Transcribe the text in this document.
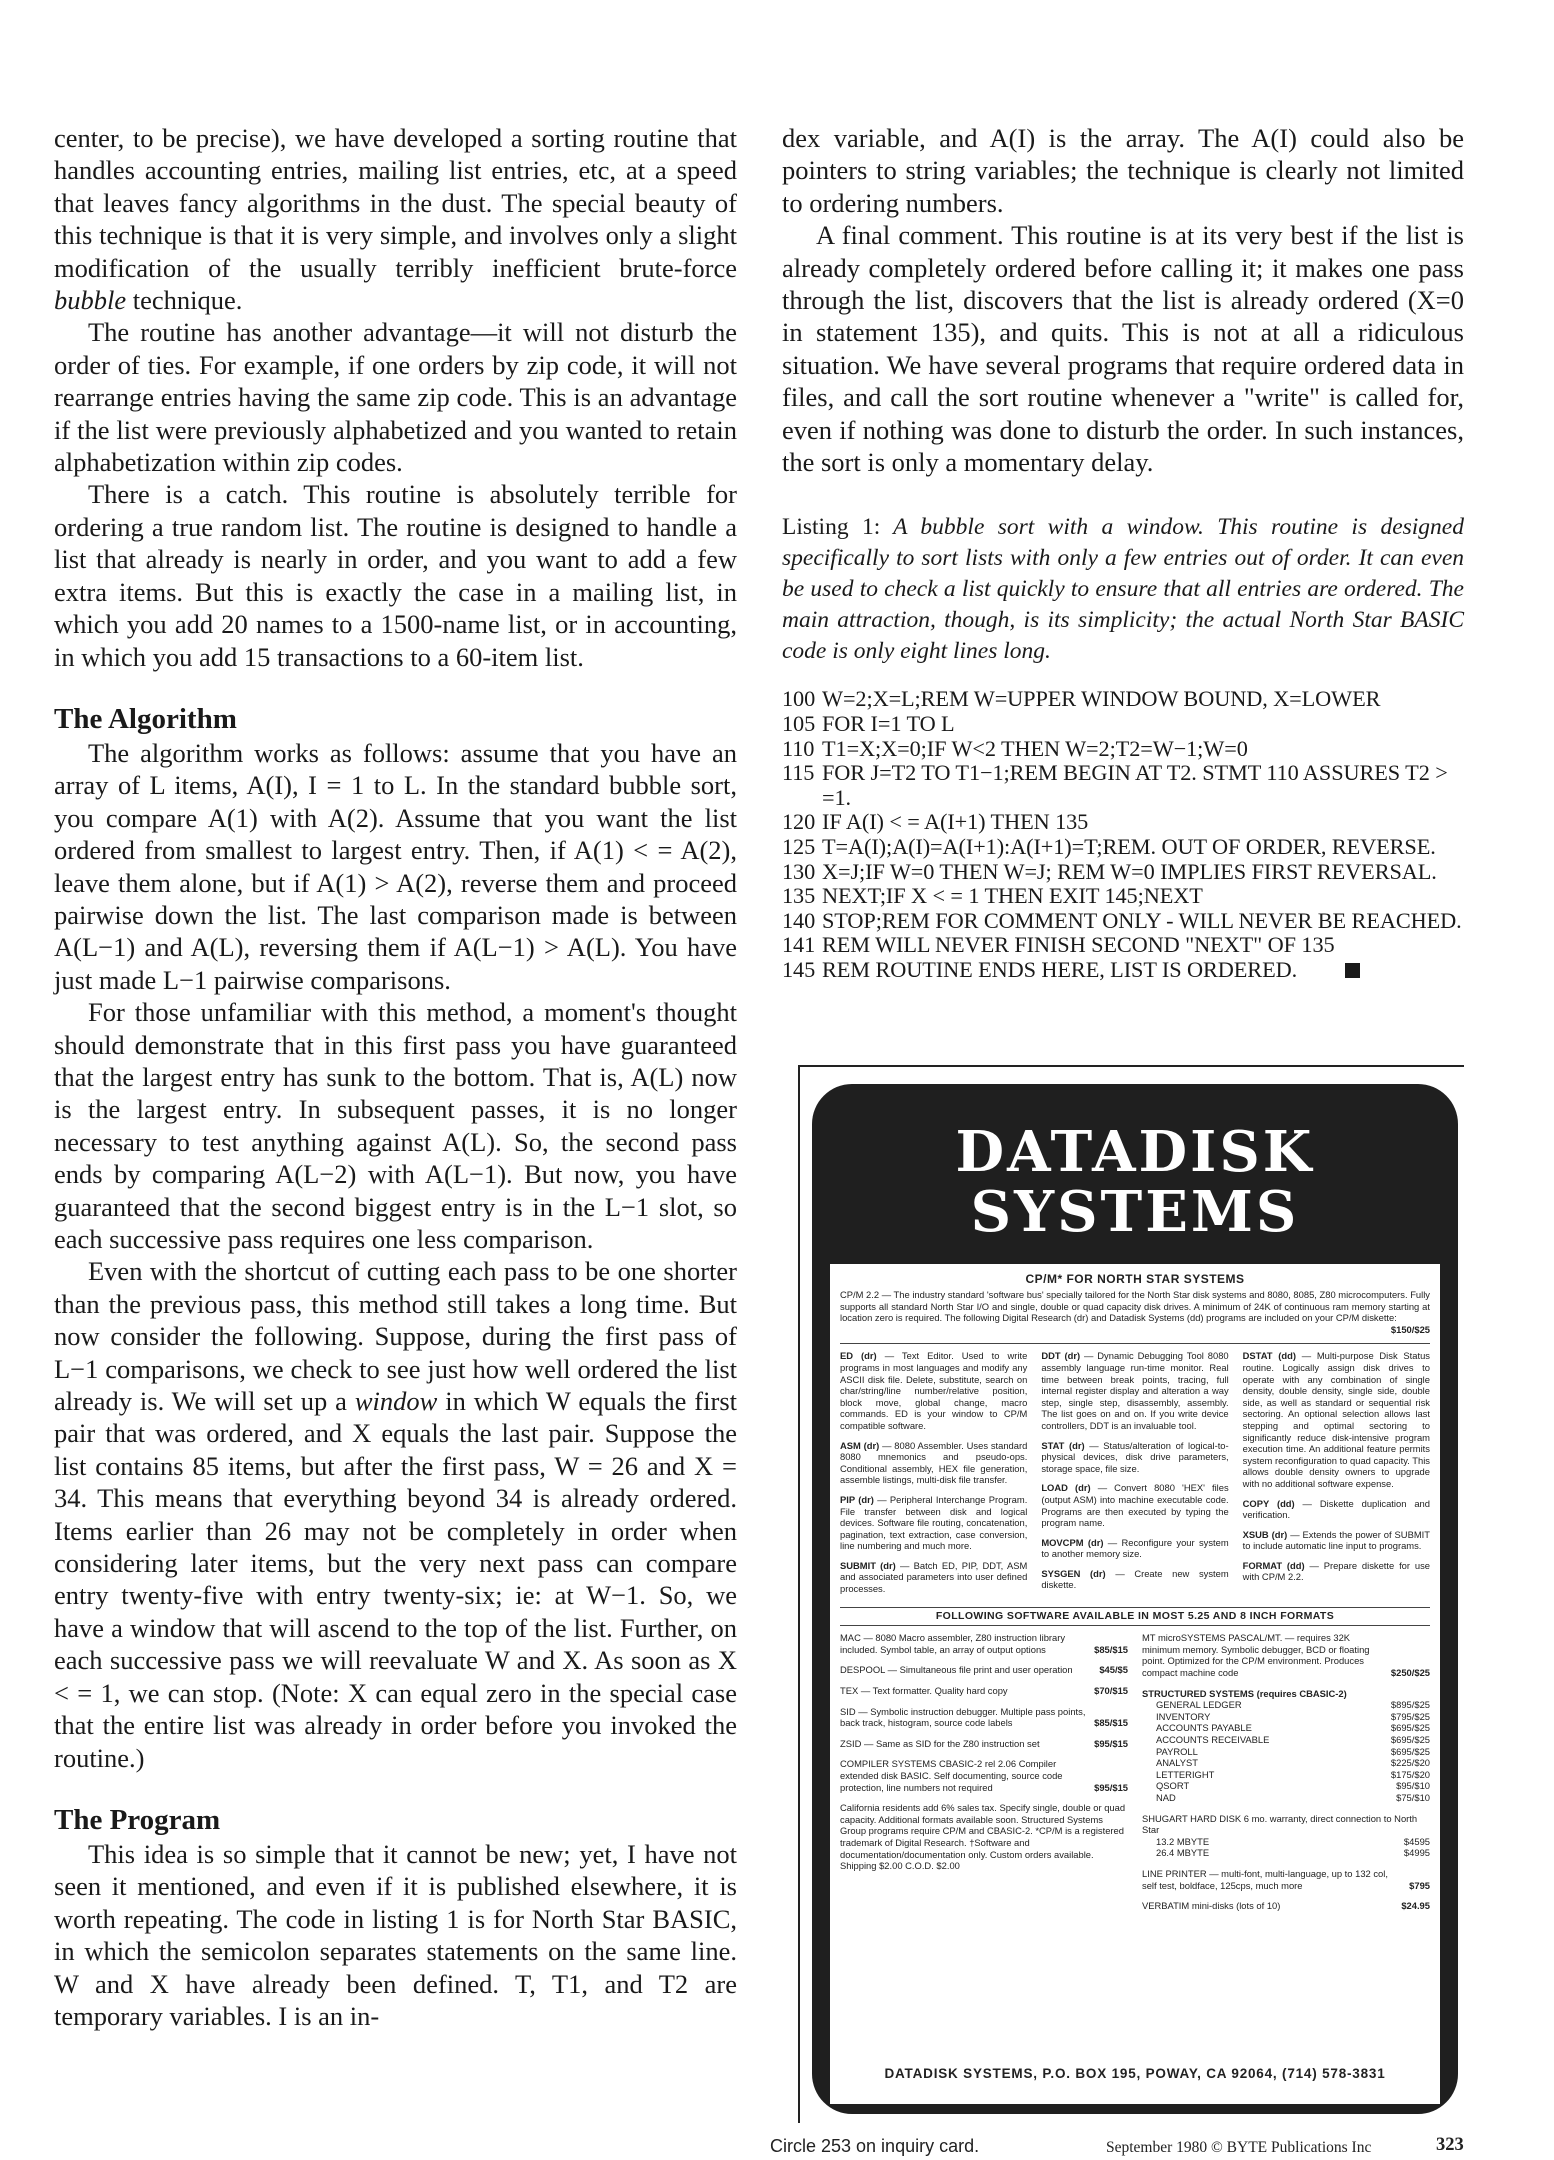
center, to be precise), we have developed a sorting routine that handles accounting entries, mailing list entries, etc, at a speed that leaves fancy algorithms in the dust. The special beauty of this technique is that it is very simple, and involves only a slight modification of the usually terribly inefficient brute-force bubble technique.

The routine has another advantage—it will not disturb the order of ties. For example, if one orders by zip code, it will not rearrange entries having the same zip code. This is an advantage if the list were previously alphabetized and you wanted to retain alphabetization within zip codes.

There is a catch. This routine is absolutely terrible for ordering a true random list. The routine is designed to handle a list that already is nearly in order, and you want to add a few extra items. But this is exactly the case in a mailing list, in which you add 20 names to a 1500-name list, or in accounting, in which you add 15 transactions to a 60-item list.

The Algorithm

The algorithm works as follows: assume that you have an array of L items, A(I), I = 1 to L. In the standard bubble sort, you compare A(1) with A(2). Assume that you want the list ordered from smallest to largest entry. Then, if A(1) < = A(2), leave them alone, but if A(1) > A(2), reverse them and proceed pairwise down the list. The last comparison made is between A(L−1) and A(L), reversing them if A(L−1) > A(L). You have just made L−1 pairwise comparisons.

For those unfamiliar with this method, a moment's thought should demonstrate that in this first pass you have guaranteed that the largest entry has sunk to the bottom. That is, A(L) now is the largest entry. In subsequent passes, it is no longer necessary to test anything against A(L). So, the second pass ends by comparing A(L−2) with A(L−1). But now, you have guaranteed that the second biggest entry is in the L−1 slot, so each successive pass requires one less comparison.

Even with the shortcut of cutting each pass to be one shorter than the previous pass, this method still takes a long time. But now consider the following. Suppose, during the first pass of L−1 comparisons, we check to see just how well ordered the list already is. We will set up a window in which W equals the first pair that was ordered, and X equals the last pair. Suppose the list contains 85 items, but after the first pass, W = 26 and X = 34. This means that everything beyond 34 is already ordered. Items earlier than 26 may not be completely in order when considering later items, but the very next pass can compare entry twenty-five with entry twenty-six; ie: at W−1. So, we have a window that will ascend to the top of the list. Further, on each successive pass we will reevaluate W and X. As soon as X < = 1, we can stop. (Note: X can equal zero in the special case that the entire list was already in order before you invoked the routine.)

The Program

This idea is so simple that it cannot be new; yet, I have not seen it mentioned, and even if it is published elsewhere, it is worth repeating. The code in listing 1 is for North Star BASIC, in which the semicolon separates statements on the same line. W and X have already been defined. T, T1, and T2 are temporary variables. I is an in-

dex variable, and A(I) is the array. The A(I) could also be pointers to string variables; the technique is clearly not limited to ordering numbers.

A final comment. This routine is at its very best if the list is already completely ordered before calling it; it makes one pass through the list, discovers that the list is already ordered (X=0 in statement 135), and quits. This is not at all a ridiculous situation. We have several programs that require ordered data in files, and call the sort routine whenever a "write" is called for, even if nothing was done to disturb the order. In such instances, the sort is only a momentary delay.

Listing 1: A bubble sort with a window. This routine is designed specifically to sort lists with only a few entries out of order. It can even be used to check a list quickly to ensure that all entries are ordered. The main attraction, though, is its simplicity; the actual North Star BASIC code is only eight lines long.
100 W=2;X=L;REM W=UPPER WINDOW BOUND, X=LOWER
105 FOR I=1 TO L
110 T1=X;X=0;IF W<2 THEN W=2;T2=W−1;W=0
115 FOR J=T2 TO T1−1;REM BEGIN AT T2. STMT 110 ASSURES T2 > =1.
120 IF A(I) < = A(I+1) THEN 135
125 T=A(I);A(I)=A(I+1):A(I+1)=T;REM. OUT OF ORDER, REVERSE.
130 X=J;IF W=0 THEN W=J; REM W=0 IMPLIES FIRST REVERSAL.
135 NEXT;IF X < = 1 THEN EXIT 145;NEXT
140 STOP;REM FOR COMMENT ONLY - WILL NEVER BE REACHED.
141 REM WILL NEVER FINISH SECOND "NEXT" OF 135
145 REM ROUTINE ENDS HERE, LIST IS ORDERED.
DATADISK
SYSTEMS
CP/M* FOR NORTH STAR SYSTEMS
CP/M 2.2 — The industry standard 'software bus' specially tailored for the North Star disk systems and 8080, 8085, Z80 microcomputers. Fully supports all standard North Star I/O and single, double or quad capacity disk drives. A minimum of 24K of continuous ram memory starting at location zero is required. The following Digital Research (dr) and Datadisk Systems (dd) programs are included on your CP/M diskette:
$150/$25
ED (dr) — Text Editor. Used to write programs in most languages and modify any ASCII disk file. Delete, substitute, search on char/string/line number/relative position, block move, global change, macro commands. ED is your window to CP/M compatible software.
ASM (dr) — 8080 Assembler. Uses standard 8080 mnemonics and pseudo-ops. Conditional assembly, HEX file generation, assemble listings, multi-disk file transfer.
PIP (dr) — Peripheral Interchange Program. File transfer between disk and logical devices. Software file routing, concatenation, pagination, text extraction, case conversion, line numbering and much more.
SUBMIT (dr) — Batch ED, PIP, DDT, ASM and associated parameters into user defined processes.
DDT (dr) — Dynamic Debugging Tool 8080 assembly language run-time monitor. Real time between break points, tracing, full internal register display and alteration a way step, single step, disassembly, assembly. The list goes on and on. If you write device controllers, DDT is an invaluable tool.
STAT (dr) — Status/alteration of logical-to-physical devices, disk drive parameters, storage space, file size.
LOAD (dr) — Convert 8080 'HEX' files (output ASM) into machine executable code. Programs are then executed by typing the program name.
MOVCPM (dr) — Reconfigure your system to another memory size.
SYSGEN (dr) — Create new system diskette.
DSTAT (dd) — Multi-purpose Disk Status routine. Logically assign disk drives to operate with any combination of single density, double density, single side, double side, as well as standard or sequential risk sectoring. An optional selection allows last stepping and optimal sectoring to significantly reduce disk-intensive program execution time. An additional feature permits system reconfiguration to quad capacity. This allows double density owners to upgrade with no additional software expense.
COPY (dd) — Diskette duplication and verification.
XSUB (dr) — Extends the power of SUBMIT to include automatic line input to programs.
FORMAT (dd) — Prepare diskette for use with CP/M 2.2.
FOLLOWING SOFTWARE AVAILABLE IN MOST 5.25 AND 8 INCH FORMATS
MAC — 8080 Macro assembler, Z80 instruction library included. Symbol table, an array of output options	$85/$15
DESPOOL — Simultaneous file print and user operation	$45/$5
TEX — Text formatter. Quality hard copy	$70/$15
SID — Symbolic instruction debugger. Multiple pass points, back track, histogram, source code labels	$85/$15
ZSID — Same as SID for the Z80 instruction set	$95/$15
COMPILER SYSTEMS CBASIC-2 rel 2.06 Compiler extended disk BASIC. Self documenting, source code protection, line numbers not required	$95/$15
California residents add 6% sales tax. Specify single, double or quad capacity. Additional formats available soon. Structured Systems Group programs require CP/M and CBASIC-2. *CP/M is a registered trademark of Digital Research. †Software and documentation/documentation only. Custom orders available. Shipping $2.00 C.O.D. $2.00
MT microSYSTEMS PASCAL/MT. — requires 32K minimum memory. Symbolic debugger, BCD or floating point. Optimized for the CP/M environment. Produces compact machine code	$250/$25
STRUCTURED SYSTEMS (requires CBASIC-2)
GENERAL LEDGER	$895/$25
INVENTORY	$795/$25
ACCOUNTS PAYABLE	$695/$25
ACCOUNTS RECEIVABLE	$695/$25
PAYROLL	$695/$25
ANALYST	$225/$20
LETTERIGHT	$175/$20
QSORT	$95/$10
NAD	$75/$10
SHUGART HARD DISK 6 mo. warranty, direct connection to North Star
13.2 MBYTE	$4595
26.4 MBYTE	$4995
LINE PRINTER — multi-font, multi-language, up to 132 col, self test, boldface, 125cps, much more	$795
VERBATIM mini-disks (lots of 10)	$24.95
DATADISK SYSTEMS, P.O. BOX 195, POWAY, CA 92064, (714) 578-3831
Circle 253 on inquiry card.	September 1980 © BYTE Publications Inc	323
